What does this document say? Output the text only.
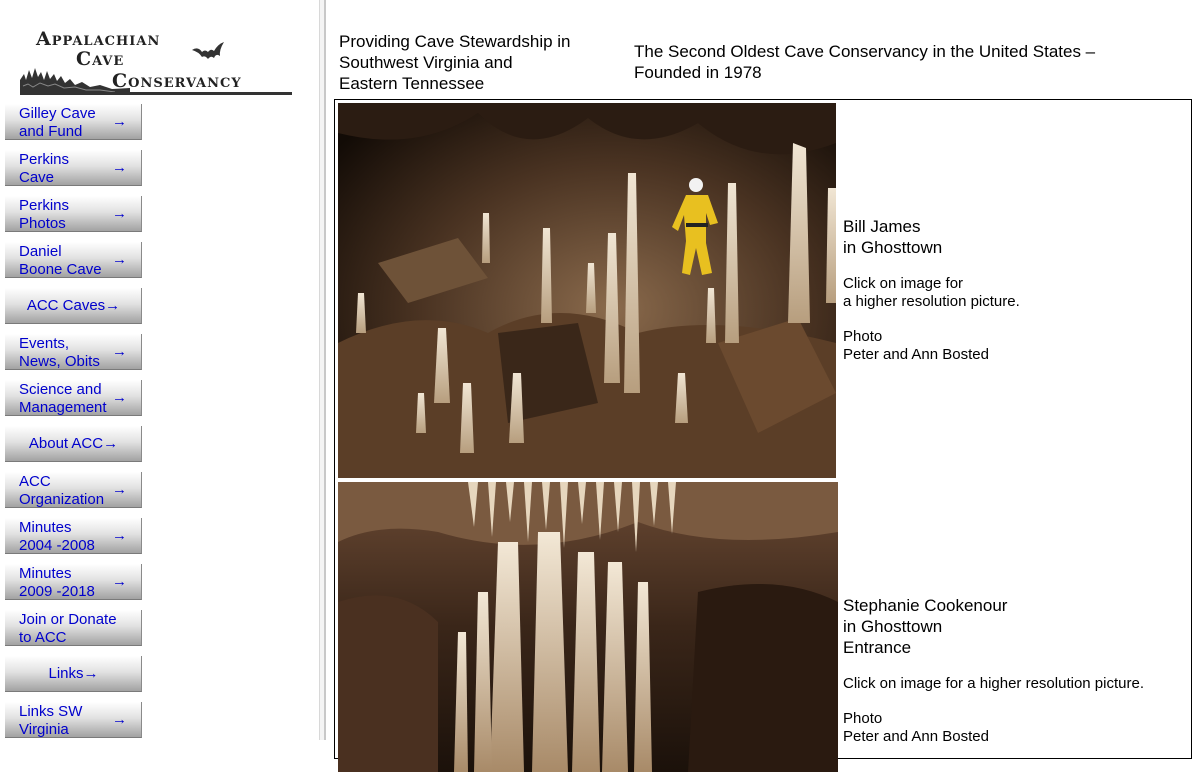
Appalachian
Cave
Conservancy
Gilley Cave
and Fund
→
Perkins
Cave
→
Perkins
Photos
→
Daniel
Boone Cave
→
ACC Caves→
Events,
News, Obits
→
Science and
Management
→
About ACC→
ACC
Organization
→
Minutes
2004 -2008
→
Minutes
2009 -2018
→
Join or Donate
to ACC
Links→
Links SW
Virginia
→
Providing Cave Stewardship in
Southwest Virginia and
Eastern Tennessee
The Second Oldest Cave Conservancy in the United States – Founded in 1978
Bill James
in Ghosttown
Click on image for
a higher resolution picture.
Photo
Peter and Ann Bosted
Stephanie Cookenour
in Ghosttown
Entrance
Click on image for a higher resolution picture.
Photo
Peter and Ann Bosted
